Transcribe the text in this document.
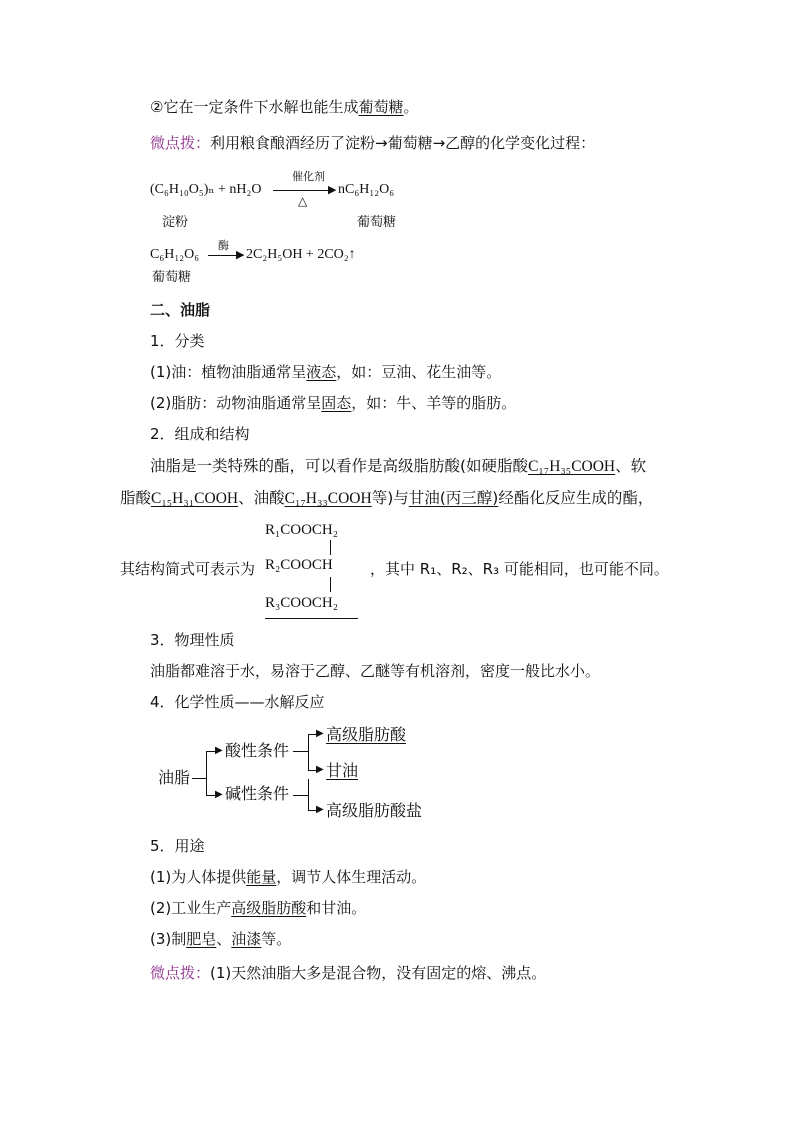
②它在一定条件下水解也能生成葡萄糖。
微点拨：利用粮食酿酒经历了淀粉→葡萄糖→乙醇的化学变化过程：
(C₆H₁₀O₅)ₙ + nH₂O
催化剂
▶
△
nC₆H₁₂O₆
淀粉	葡萄糖
C₆H₁₂O₆
酶
▶ 2C₂H₅OH + 2CO₂↑
葡萄糖
二、油脂
1．分类
(1)油：植物油脂通常呈液态，如：豆油、花生油等。
(2)脂肪：动物油脂通常呈固态，如：牛、羊等的脂肪。
2．组成和结构
油脂是一类特殊的酯，可以看作是高级脂肪酸(如硬脂酸C₁₇H₃₅COOH、软
脂酸C₁₅H₃₁COOH、油酸C₁₇H₃₃COOH等)与甘油(丙三醇)经酯化反应生成的酯，
R₁COOCH₂
其结构简式可表示为 R₂COOCH ，其中 R₁、R₂、R₃ 可能相同，也可能不同。
R₃COOCH₂
3．物理性质
油脂都难溶于水，易溶于乙醇、乙醚等有机溶剂，密度一般比水小。
4．化学性质——水解反应
油脂
▶
▶
酸性条件
碱性条件
▶
▶
▶
高级脂肪酸
甘油
高级脂肪酸盐
5．用途
(1)为人体提供能量，调节人体生理活动。
(2)工业生产高级脂肪酸和甘油。
(3)制肥皂、油漆等。
微点拨：(1)天然油脂大多是混合物，没有固定的熔、沸点。
